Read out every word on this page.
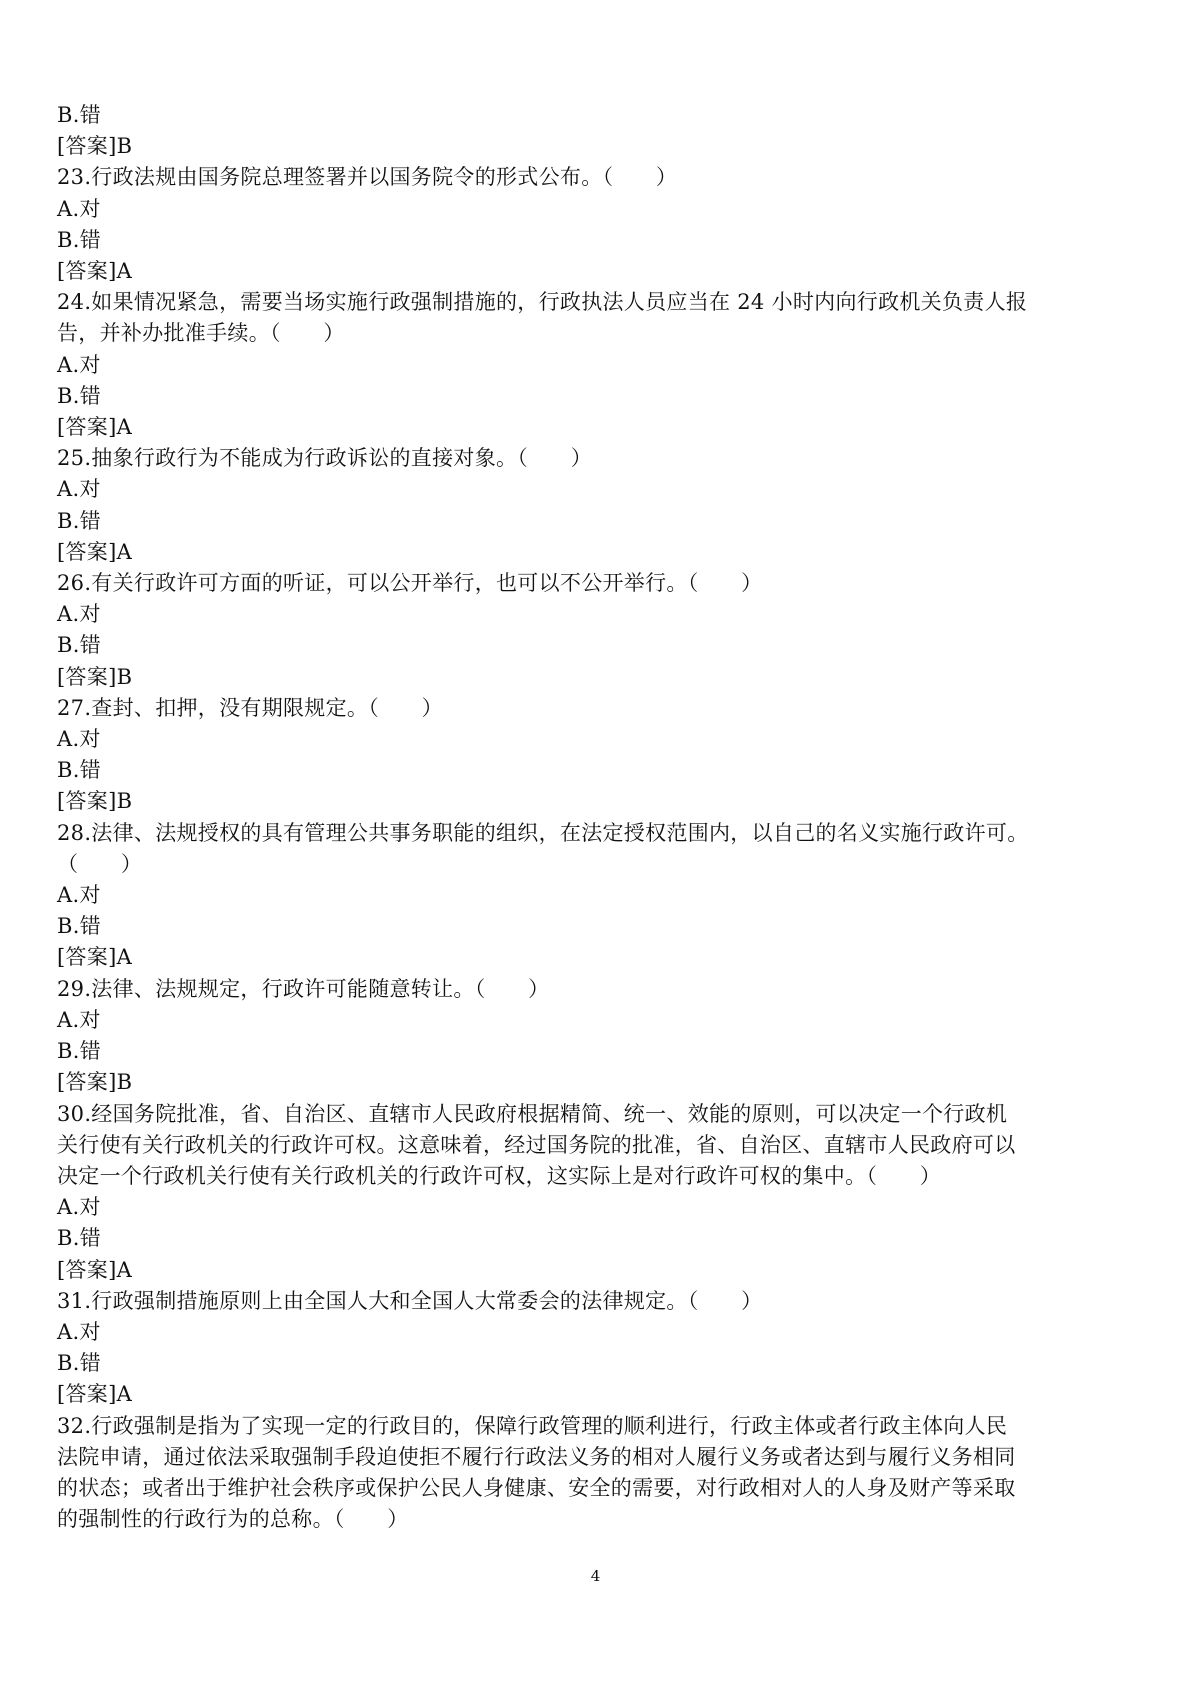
B.错
[答案]B
23.行政法规由国务院总理签署并以国务院令的形式公布。（　　）
A.对
B.错
[答案]A
24.如果情况紧急，需要当场实施行政强制措施的，行政执法人员应当在 24 小时内向行政机关负责人报
告，并补办批准手续。（　　）
A.对
B.错
[答案]A
25.抽象行政行为不能成为行政诉讼的直接对象。（　　）
A.对
B.错
[答案]A
26.有关行政许可方面的听证，可以公开举行，也可以不公开举行。（　　）
A.对
B.错
[答案]B
27.查封、扣押，没有期限规定。（　　）
A.对
B.错
[答案]B
28.法律、法规授权的具有管理公共事务职能的组织，在法定授权范围内，以自己的名义实施行政许可。
（　　）
A.对
B.错
[答案]A
29.法律、法规规定，行政许可能随意转让。（　　）
A.对
B.错
[答案]B
30.经国务院批准，省、自治区、直辖市人民政府根据精简、统一、效能的原则，可以决定一个行政机
关行使有关行政机关的行政许可权。这意味着，经过国务院的批准，省、自治区、直辖市人民政府可以
决定一个行政机关行使有关行政机关的行政许可权，这实际上是对行政许可权的集中。（　　）
A.对
B.错
[答案]A
31.行政强制措施原则上由全国人大和全国人大常委会的法律规定。（　　）
A.对
B.错
[答案]A
32.行政强制是指为了实现一定的行政目的，保障行政管理的顺利进行，行政主体或者行政主体向人民
法院申请，通过依法采取强制手段迫使拒不履行行政法义务的相对人履行义务或者达到与履行义务相同
的状态；或者出于维护社会秩序或保护公民人身健康、安全的需要，对行政相对人的人身及财产等采取
的强制性的行政行为的总称。（　　）
4
